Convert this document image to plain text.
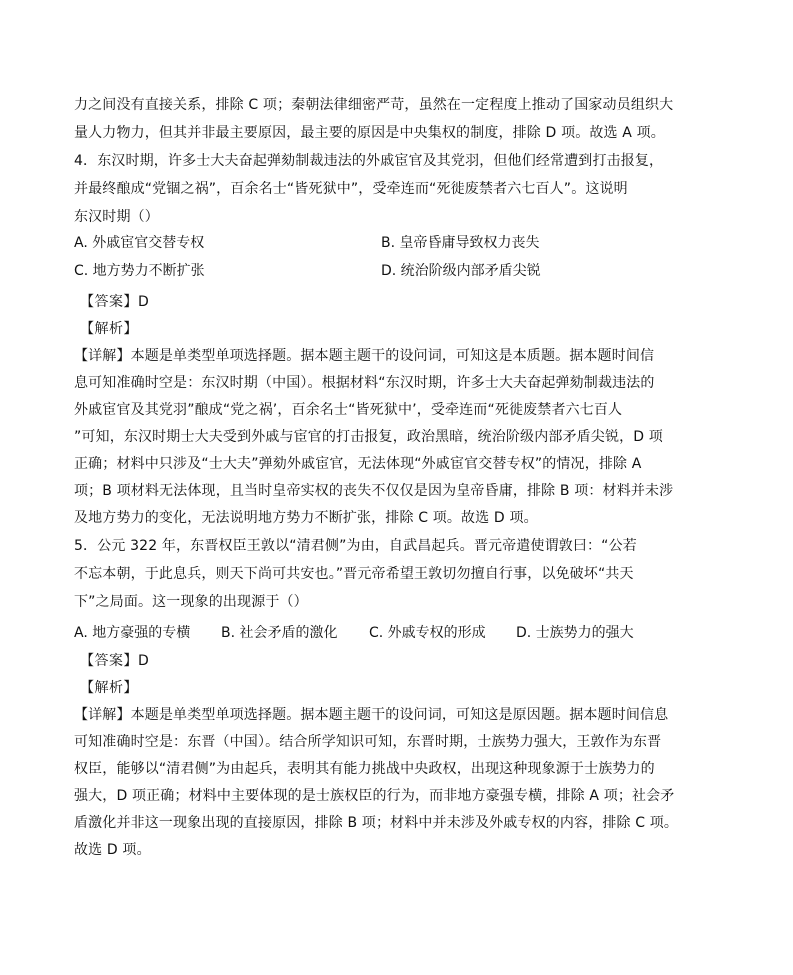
力之间没有直接关系，排除 C 项；秦朝法律细密严苛，虽然在一定程度上推动了国家动员组织大
量人力物力，但其并非最主要原因，最主要的原因是中央集权的制度，排除 D 项。故选 A 项。
4．东汉时期，许多士大夫奋起弹劾制裁违法的外戚宦官及其党羽，但他们经常遭到打击报复，
并最终酿成“党锢之祸”，百余名士“皆死狱中”，受牵连而“死徙废禁者六七百人”。这说明
东汉时期（）
A. 外戚宦官交替专权	B. 皇帝昏庸导致权力丧失
C. 地方势力不断扩张	D. 统治阶级内部矛盾尖锐
【答案】D
【解析】
【详解】本题是单类型单项选择题。据本题主题干的设问词，可知这是本质题。据本题时间信
息可知准确时空是：东汉时期（中国）。根据材料“东汉时期，许多士大夫奋起弹劾制裁违法的
外戚宦官及其党羽”酿成“党之祸’，百余名士“皆死狱中’，受牵连而“死徙废禁者六七百人
”可知，东汉时期士大夫受到外戚与宦官的打击报复，政治黑暗，统治阶级内部矛盾尖锐，D 项
正确；材料中只涉及“士大夫”弹劾外戚宦官，无法体现“外戚宦官交替专权”的情况，排除 A
项；B 项材料无法体现，且当时皇帝实权的丧失不仅仅是因为皇帝昏庸，排除 B 项：材料并未涉
及地方势力的变化，无法说明地方势力不断扩张，排除 C 项。故选 D 项。
5．公元 322 年，东晋权臣王敦以“清君侧”为由，自武昌起兵。晋元帝遣使谓敦曰：“公若
不忘本朝，于此息兵，则天下尚可共安也。”晋元帝希望王敦切勿擅自行事，以免破坏“共天
下”之局面。这一现象的出现源于（）
A. 地方豪强的专横 B. 社会矛盾的激化 C. 外戚专权的形成 D. 士族势力的强大
【答案】D
【解析】
【详解】本题是单类型单项选择题。据本题主题干的设问词，可知这是原因题。据本题时间信息
可知准确时空是：东晋（中国）。结合所学知识可知，东晋时期，士族势力强大，王敦作为东晋
权臣，能够以“清君侧”为由起兵，表明其有能力挑战中央政权，出现这种现象源于士族势力的
强大，D 项正确；材料中主要体现的是士族权臣的行为，而非地方豪强专横，排除 A 项；社会矛
盾激化并非这一现象出现的直接原因，排除 B 项；材料中并未涉及外戚专权的内容，排除 C 项。
故选 D 项。
